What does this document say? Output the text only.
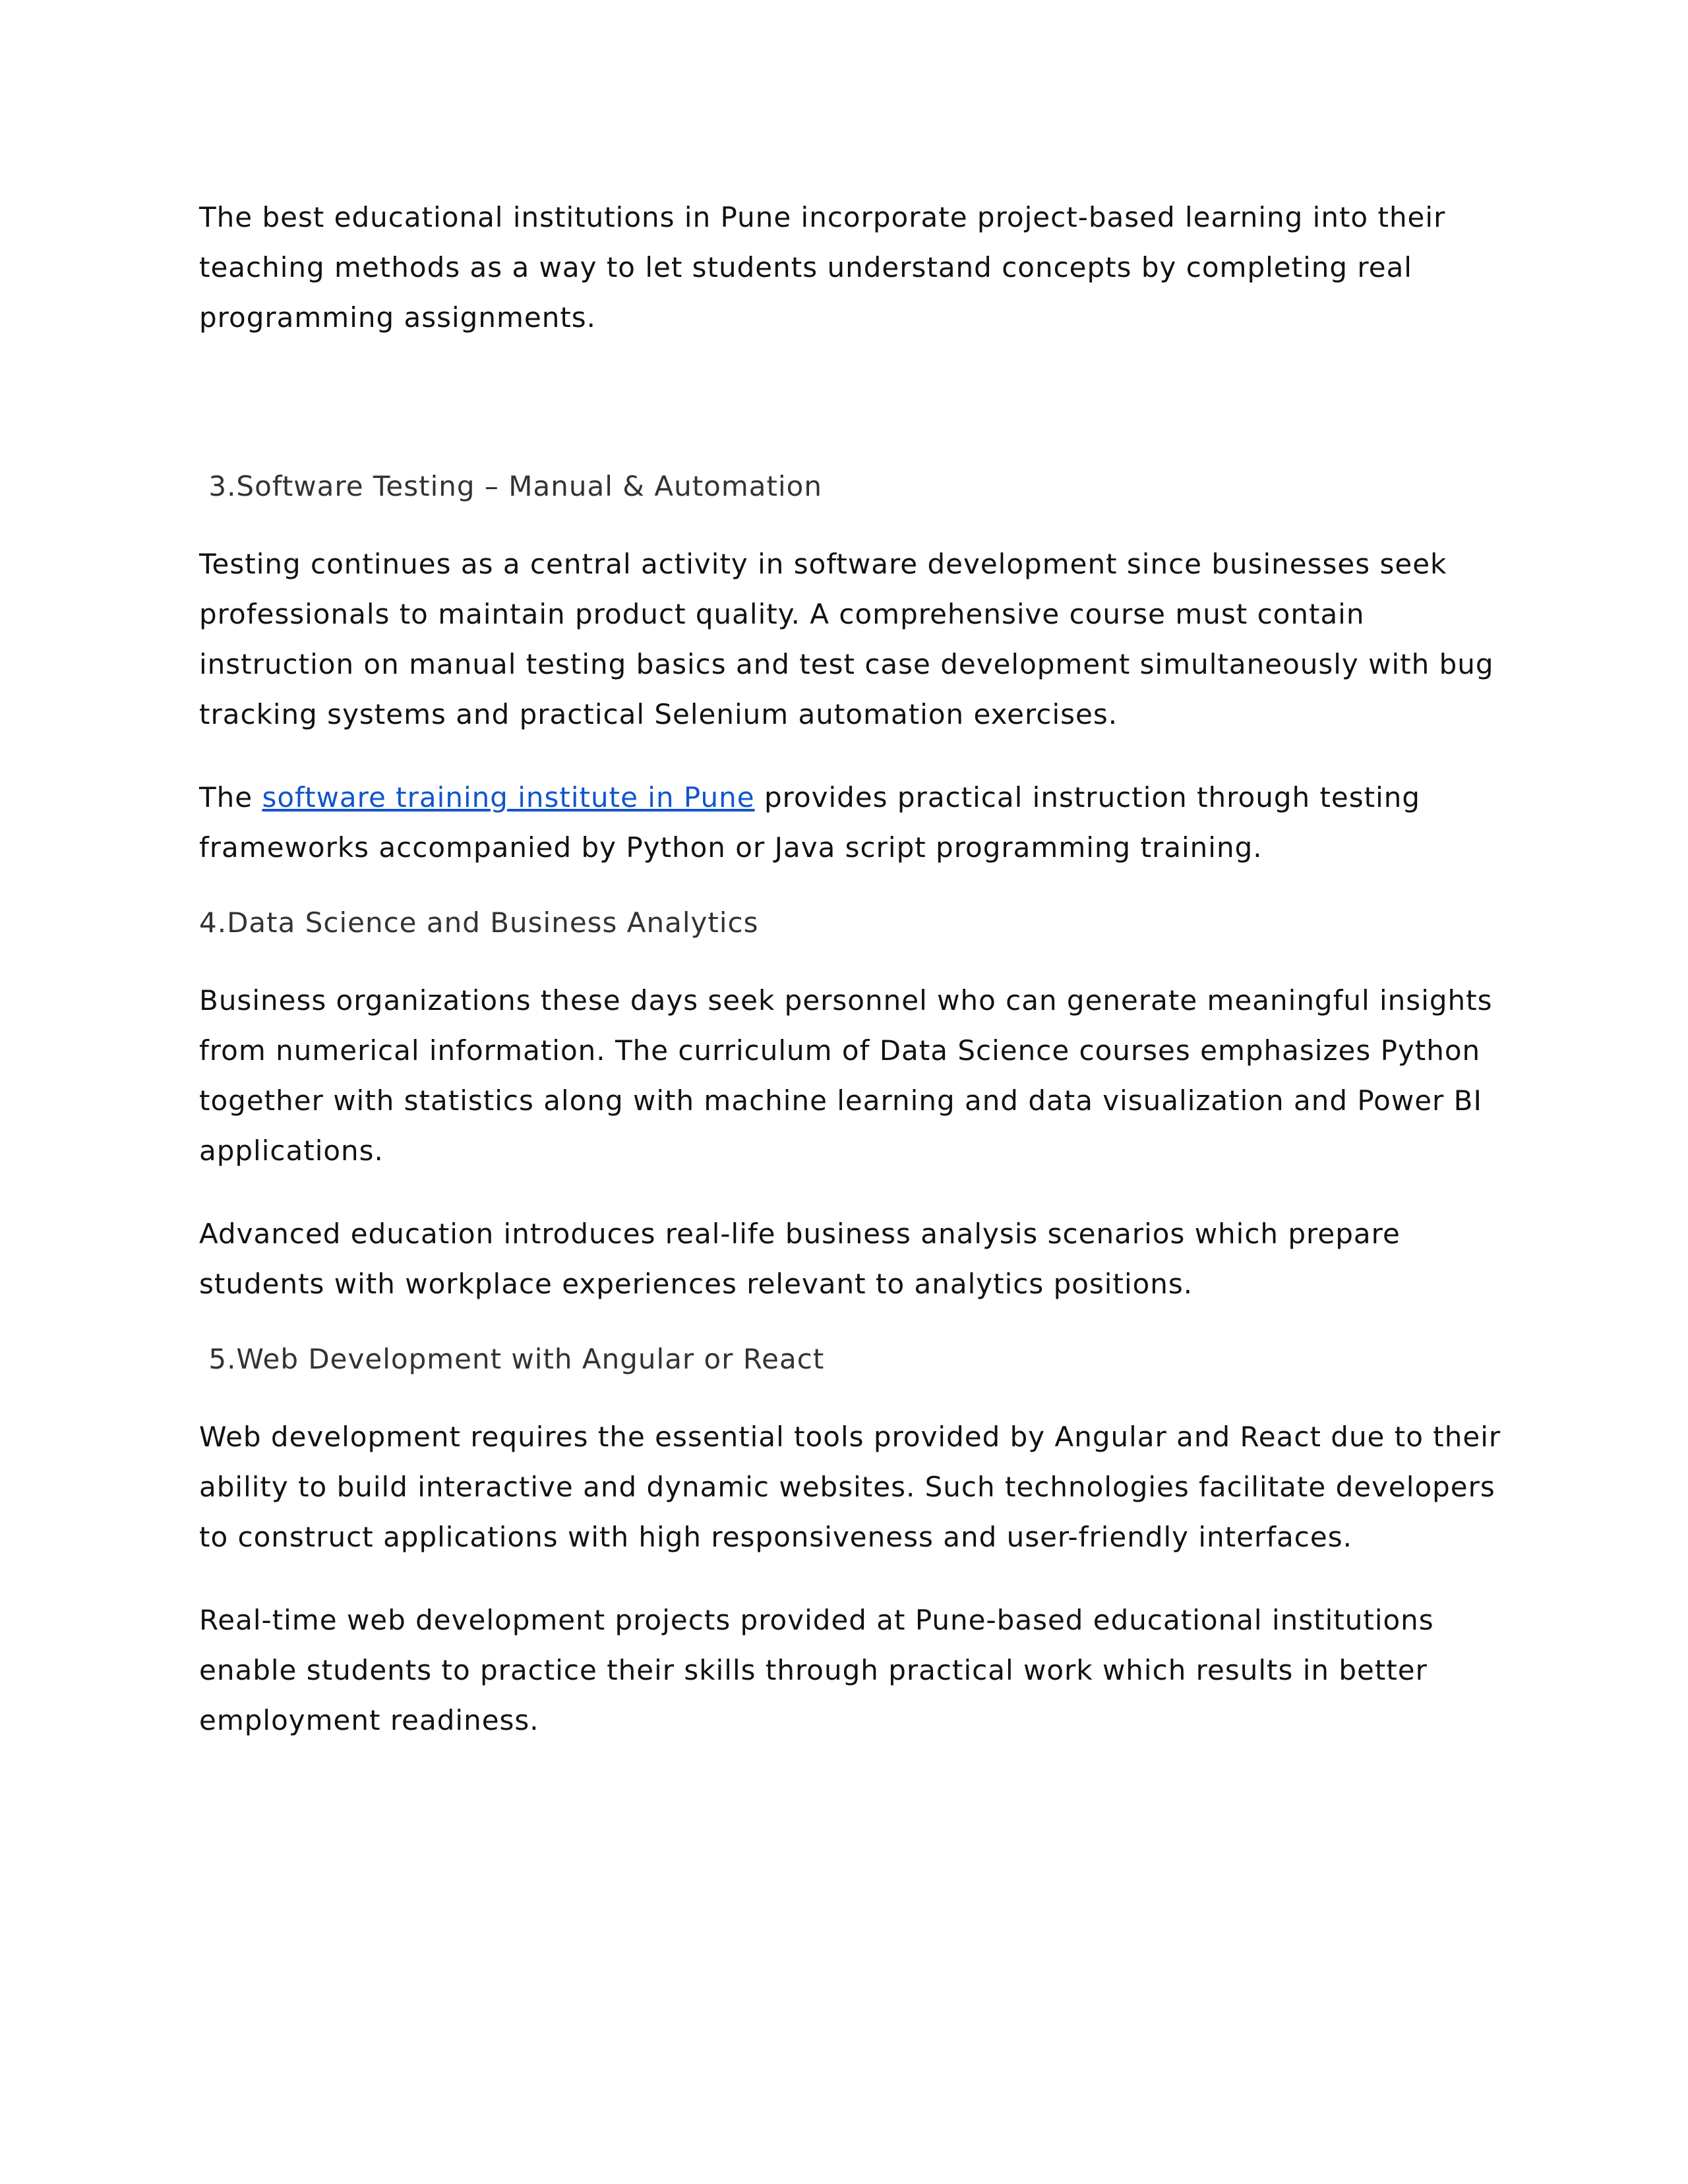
The best educational institutions in Pune incorporate project-based learning into their teaching methods as a way to let students understand concepts by completing real programming assignments.

3.Software Testing – Manual & Automation

Testing continues as a central activity in software development since businesses seek professionals to maintain product quality. A comprehensive course must contain instruction on manual testing basics and test case development simultaneously with bug tracking systems and practical Selenium automation exercises.

The software training institute in Pune provides practical instruction through testing frameworks accompanied by Python or Java script programming training.

4.Data Science and Business Analytics

Business organizations these days seek personnel who can generate meaningful insights from numerical information. The curriculum of Data Science courses emphasizes Python together with statistics along with machine learning and data visualization and Power BI applications.

Advanced education introduces real-life business analysis scenarios which prepare students with workplace experiences relevant to analytics positions.

5.Web Development with Angular or React

Web development requires the essential tools provided by Angular and React due to their ability to build interactive and dynamic websites. Such technologies facilitate developers to construct applications with high responsiveness and user-friendly interfaces.

Real-time web development projects provided at Pune-based educational institutions enable students to practice their skills through practical work which results in better employment readiness.
